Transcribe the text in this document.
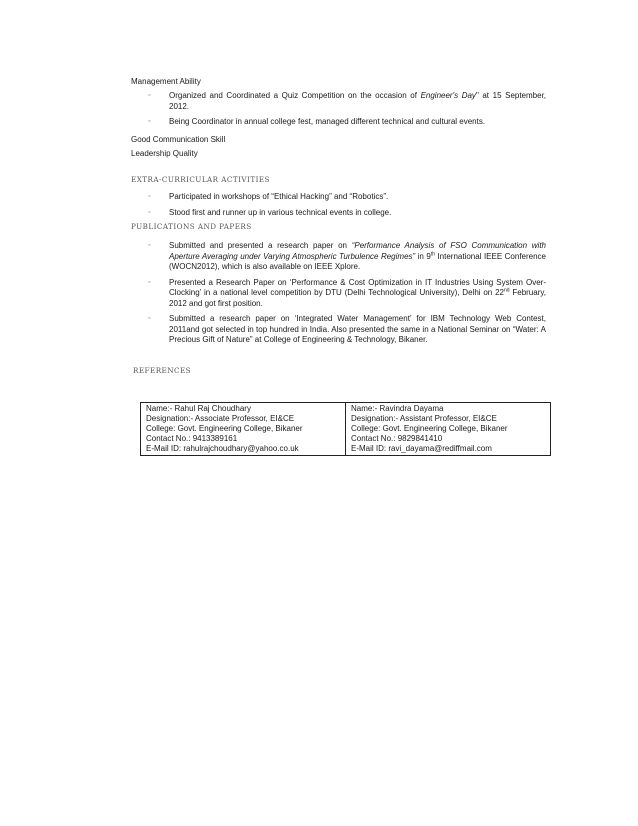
Management Ability
◦ Organized and Coordinated a Quiz Competition on the occasion of Engineer's Day" at 15 September, 2012.
◦ Being Coordinator in annual college fest, managed different technical and cultural events.
Good Communication Skill
Leadership Quality
EXTRA-CURRICULAR ACTIVITIES
◦ Participated in workshops of “Ethical Hacking” and “Robotics”.
◦ Stood first and runner up in various technical events in college.
PUBLICATIONS AND PAPERS
◦ Submitted and presented a research paper on “Performance Analysis of FSO Communication with Aperture Averaging under Varying Atmospheric Turbulence Regimes” in 9th International IEEE Conference (WOCN2012), which is also available on IEEE Xplore.
◦ Presented a Research Paper on ‘Performance & Cost Optimization in IT Industries Using System Over-Clocking’ in a national level competition by DTU (Delhi Technological University), Delhi on 22nd February, 2012 and got first position.
◦ Submitted a research paper on ‘Integrated Water Management’ for IBM Technology Web Contest, 2011and got selected in top hundred in India. Also presented the same in a National Seminar on “Water: A Precious Gift of Nature” at College of Engineering & Technology, Bikaner.
REFERENCES
Name:- Rahul Raj Choudhary
Designation:- Associate Professor, EI&CE
College: Govt. Engineering College, Bikaner
Contact No.: 9413389161
E-Mail ID: rahulrajchoudhary@yahoo.co.uk
Name:- Ravindra Dayama
Designation:- Assistant Professor, EI&CE
College: Govt. Engineering College, Bikaner
Contact No.: 9829841410
E-Mail ID: ravi_dayama@rediffmail.com
